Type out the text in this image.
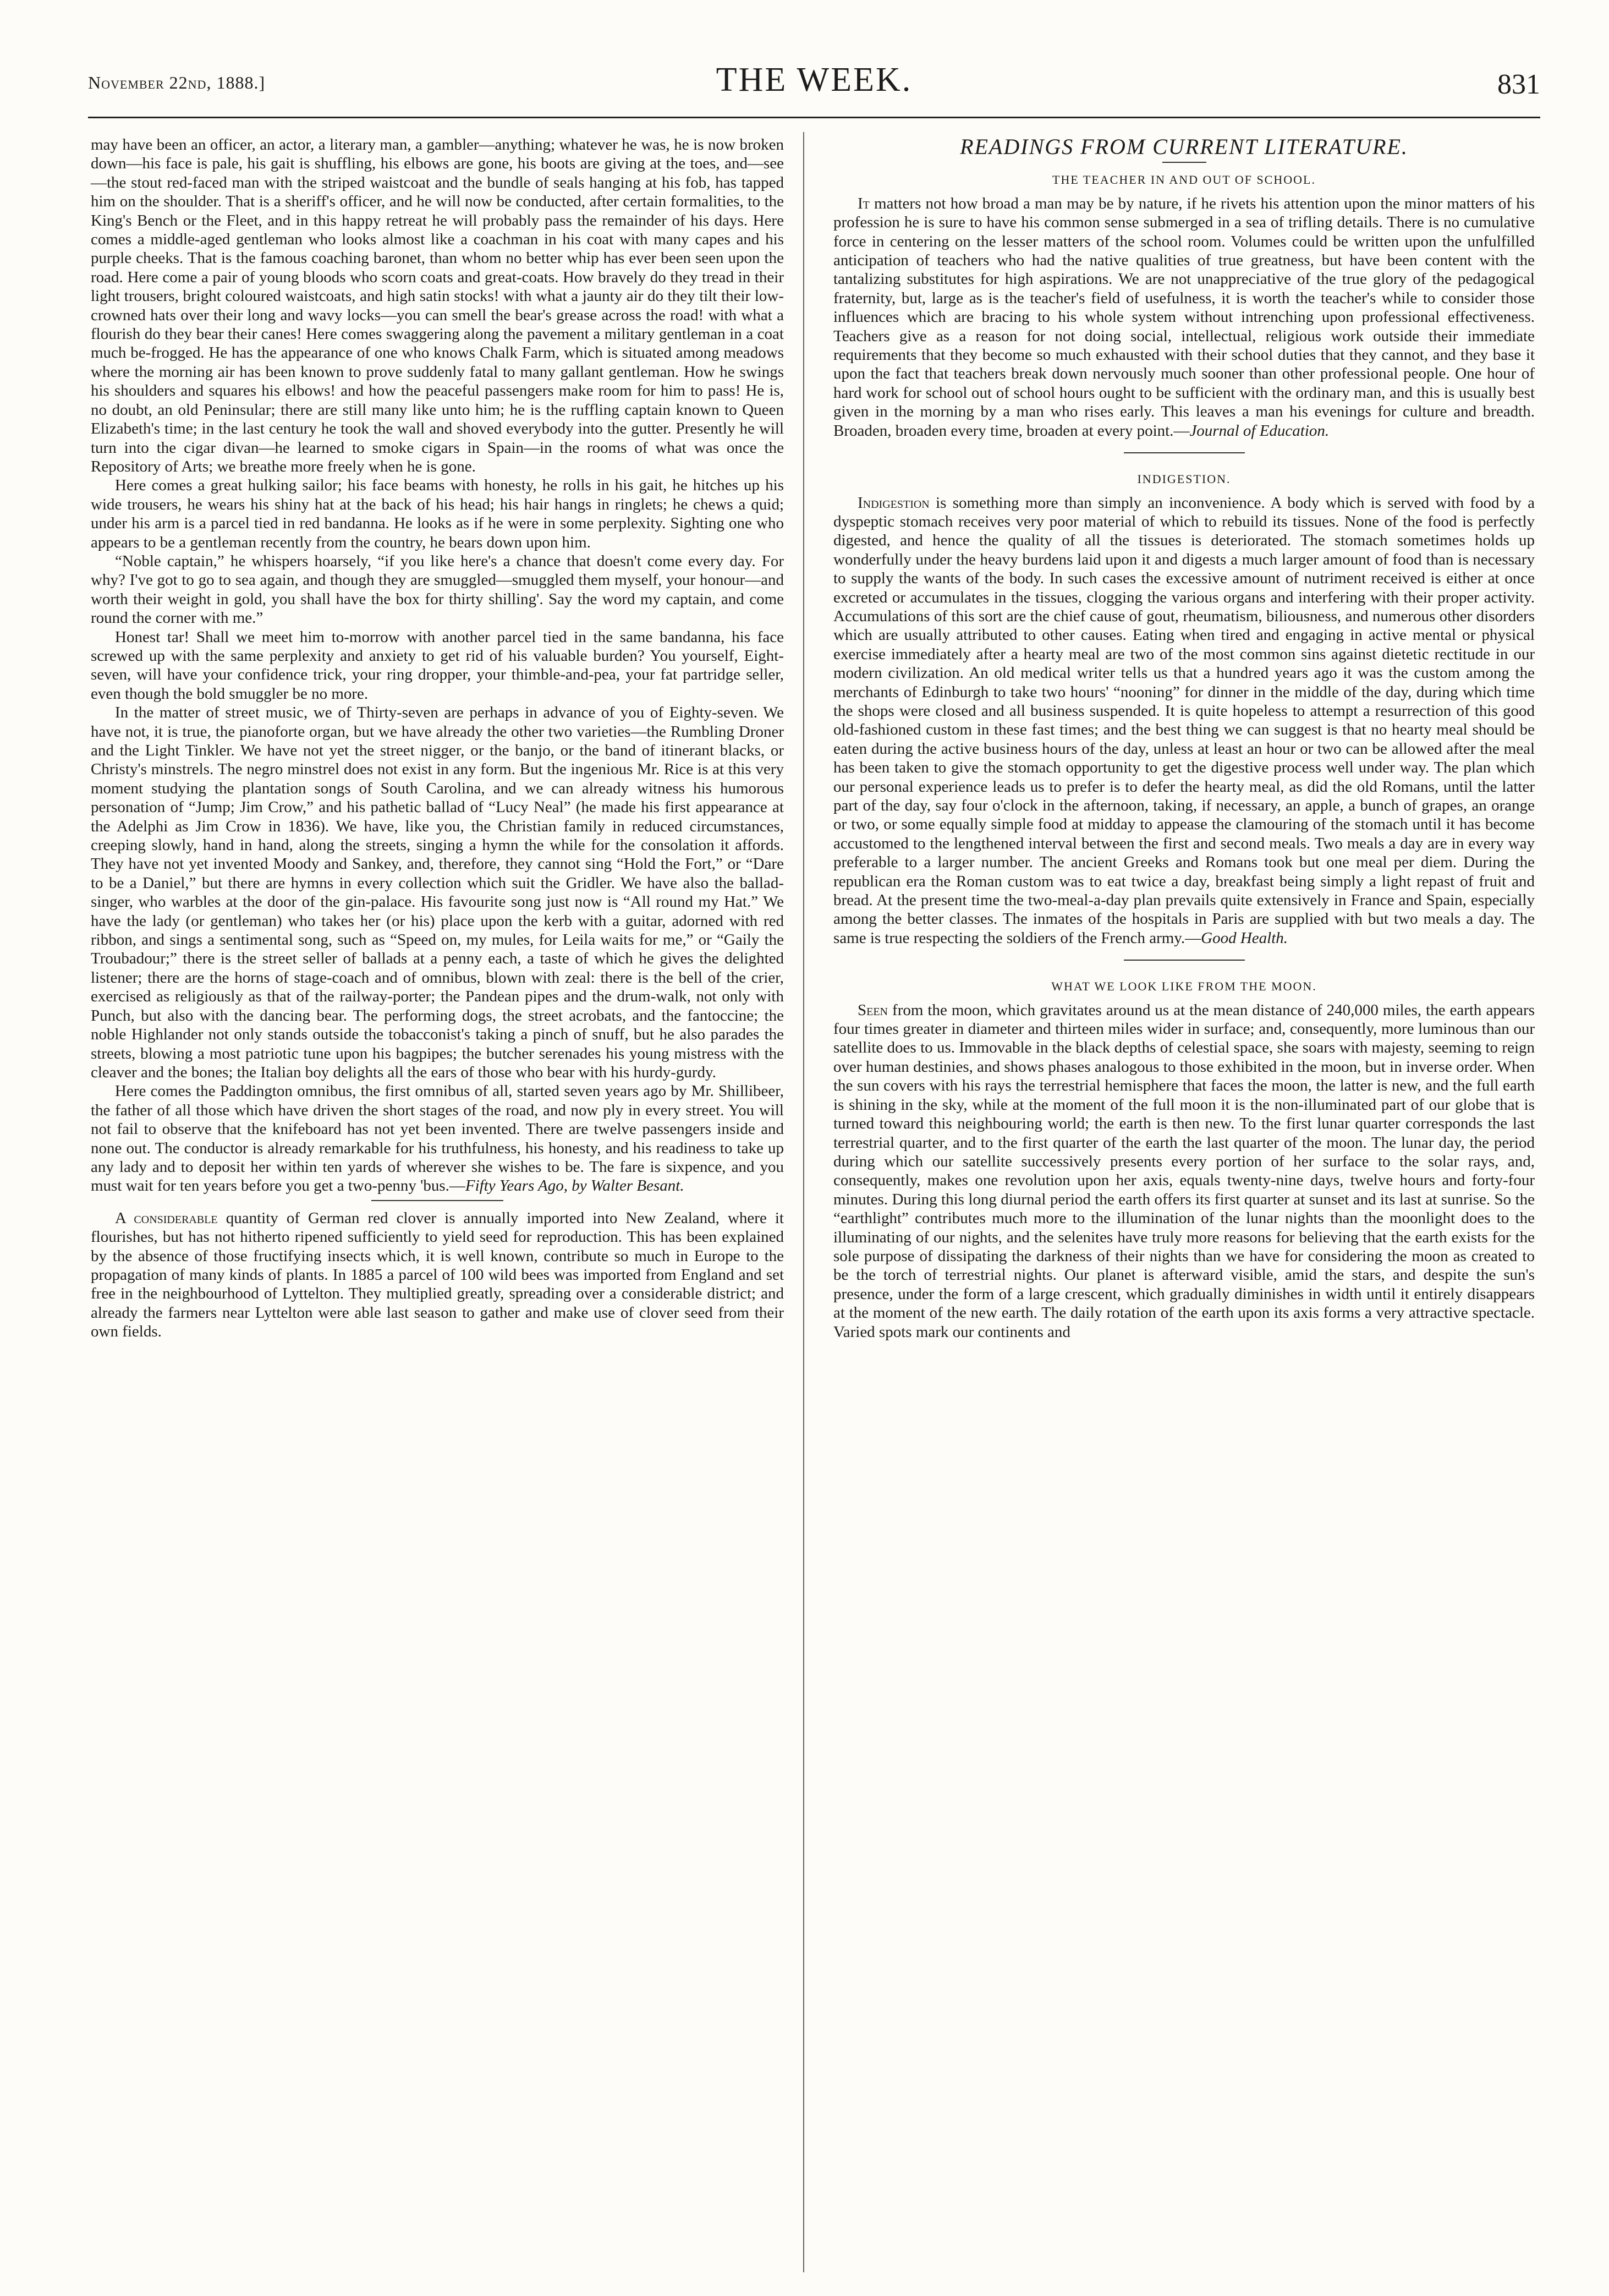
November 22nd, 1888.]	THE WEEK.	831

may have been an officer, an actor, a literary man, a gambler—anything; whatever he was, he is now broken down—his face is pale, his gait is shuffling, his elbows are gone, his boots are giving at the toes, and—see—the stout red-faced man with the striped waistcoat and the bundle of seals hanging at his fob, has tapped him on the shoulder. That is a sheriff's officer, and he will now be conducted, after certain formalities, to the King's Bench or the Fleet, and in this happy retreat he will probably pass the remainder of his days. Here comes a middle-aged gentleman who looks almost like a coachman in his coat with many capes and his purple cheeks. That is the famous coaching baronet, than whom no better whip has ever been seen upon the road. Here come a pair of young bloods who scorn coats and great-coats. How bravely do they tread in their light trousers, bright coloured waistcoats, and high satin stocks! with what a jaunty air do they tilt their low-crowned hats over their long and wavy locks—you can smell the bear's grease across the road! with what a flourish do they bear their canes! Here comes swaggering along the pavement a military gentleman in a coat much be-frogged. He has the appearance of one who knows Chalk Farm, which is situated among meadows where the morning air has been known to prove suddenly fatal to many gallant gentleman. How he swings his shoulders and squares his elbows! and how the peaceful passengers make room for him to pass! He is, no doubt, an old Peninsular; there are still many like unto him; he is the ruffling captain known to Queen Elizabeth's time; in the last century he took the wall and shoved everybody into the gutter. Presently he will turn into the cigar divan—he learned to smoke cigars in Spain—in the rooms of what was once the Repository of Arts; we breathe more freely when he is gone.

Here comes a great hulking sailor; his face beams with honesty, he rolls in his gait, he hitches up his wide trousers, he wears his shiny hat at the back of his head; his hair hangs in ringlets; he chews a quid; under his arm is a parcel tied in red bandanna. He looks as if he were in some perplexity. Sighting one who appears to be a gentleman recently from the country, he bears down upon him.

“Noble captain,” he whispers hoarsely, “if you like here's a chance that doesn't come every day. For why? I've got to go to sea again, and though they are smuggled—smuggled them myself, your honour—and worth their weight in gold, you shall have the box for thirty shilling'. Say the word my captain, and come round the corner with me.”

Honest tar! Shall we meet him to-morrow with another parcel tied in the same bandanna, his face screwed up with the same perplexity and anxiety to get rid of his valuable burden? You yourself, Eight-seven, will have your confidence trick, your ring dropper, your thimble-and-pea, your fat partridge seller, even though the bold smuggler be no more.

In the matter of street music, we of Thirty-seven are perhaps in advance of you of Eighty-seven. We have not, it is true, the pianoforte organ, but we have already the other two varieties—the Rumbling Droner and the Light Tinkler. We have not yet the street nigger, or the banjo, or the band of itinerant blacks, or Christy's minstrels. The negro minstrel does not exist in any form. But the ingenious Mr. Rice is at this very moment studying the plantation songs of South Carolina, and we can already witness his humorous personation of “Jump; Jim Crow,” and his pathetic ballad of “Lucy Neal” (he made his first appearance at the Adelphi as Jim Crow in 1836). We have, like you, the Christian family in reduced circumstances, creeping slowly, hand in hand, along the streets, singing a hymn the while for the consolation it affords. They have not yet invented Moody and Sankey, and, therefore, they cannot sing “Hold the Fort,” or “Dare to be a Daniel,” but there are hymns in every collection which suit the Gridler. We have also the ballad-singer, who warbles at the door of the gin-palace. His favourite song just now is “All round my Hat.” We have the lady (or gentleman) who takes her (or his) place upon the kerb with a guitar, adorned with red ribbon, and sings a sentimental song, such as “Speed on, my mules, for Leila waits for me,” or “Gaily the Troubadour;” there is the street seller of ballads at a penny each, a taste of which he gives the delighted listener; there are the horns of stage-coach and of omnibus, blown with zeal: there is the bell of the crier, exercised as religiously as that of the railway-porter; the Pandean pipes and the drum-walk, not only with Punch, but also with the dancing bear. The performing dogs, the street acrobats, and the fantoccine; the noble Highlander not only stands outside the tobacconist's taking a pinch of snuff, but he also parades the streets, blowing a most patriotic tune upon his bagpipes; the butcher serenades his young mistress with the cleaver and the bones; the Italian boy delights all the ears of those who bear with his hurdy-gurdy.

Here comes the Paddington omnibus, the first omnibus of all, started seven years ago by Mr. Shillibeer, the father of all those which have driven the short stages of the road, and now ply in every street. You will not fail to observe that the knifeboard has not yet been invented. There are twelve passengers inside and none out. The conductor is already remarkable for his truthfulness, his honesty, and his readiness to take up any lady and to deposit her within ten yards of wherever she wishes to be. The fare is sixpence, and you must wait for ten years before you get a two-penny 'bus.—Fifty Years Ago, by Walter Besant.

A considerable quantity of German red clover is annually imported into New Zealand, where it flourishes, but has not hitherto ripened sufficiently to yield seed for reproduction. This has been explained by the absence of those fructifying insects which, it is well known, contribute so much in Europe to the propagation of many kinds of plants. In 1885 a parcel of 100 wild bees was imported from England and set free in the neighbourhood of Lyttelton. They multiplied greatly, spreading over a considerable district; and already the farmers near Lyttelton were able last season to gather and make use of clover seed from their own fields.

READINGS FROM CURRENT LITERATURE.
THE TEACHER IN AND OUT OF SCHOOL.

It matters not how broad a man may be by nature, if he rivets his attention upon the minor matters of his profession he is sure to have his common sense submerged in a sea of trifling details. There is no cumulative force in centering on the lesser matters of the school room. Volumes could be written upon the unfulfilled anticipation of teachers who had the native qualities of true greatness, but have been content with the tantalizing substitutes for high aspirations. We are not unappreciative of the true glory of the pedagogical fraternity, but, large as is the teacher's field of usefulness, it is worth the teacher's while to consider those influences which are bracing to his whole system without intrenching upon professional effectiveness. Teachers give as a reason for not doing social, intellectual, religious work outside their immediate requirements that they become so much exhausted with their school duties that they cannot, and they base it upon the fact that teachers break down nervously much sooner than other professional people. One hour of hard work for school out of school hours ought to be sufficient with the ordinary man, and this is usually best given in the morning by a man who rises early. This leaves a man his evenings for culture and breadth. Broaden, broaden every time, broaden at every point.—Journal of Education.

INDIGESTION.

Indigestion is something more than simply an inconvenience. A body which is served with food by a dyspeptic stomach receives very poor material of which to rebuild its tissues. None of the food is perfectly digested, and hence the quality of all the tissues is deteriorated. The stomach sometimes holds up wonderfully under the heavy burdens laid upon it and digests a much larger amount of food than is necessary to supply the wants of the body. In such cases the excessive amount of nutriment received is either at once excreted or accumulates in the tissues, clogging the various organs and interfering with their proper activity. Accumulations of this sort are the chief cause of gout, rheumatism, biliousness, and numerous other disorders which are usually attributed to other causes. Eating when tired and engaging in active mental or physical exercise immediately after a hearty meal are two of the most common sins against dietetic rectitude in our modern civilization. An old medical writer tells us that a hundred years ago it was the custom among the merchants of Edinburgh to take two hours' “nooning” for dinner in the middle of the day, during which time the shops were closed and all business suspended. It is quite hopeless to attempt a resurrection of this good old-fashioned custom in these fast times; and the best thing we can suggest is that no hearty meal should be eaten during the active business hours of the day, unless at least an hour or two can be allowed after the meal has been taken to give the stomach opportunity to get the digestive process well under way. The plan which our personal experience leads us to prefer is to defer the hearty meal, as did the old Romans, until the latter part of the day, say four o'clock in the afternoon, taking, if necessary, an apple, a bunch of grapes, an orange or two, or some equally simple food at midday to appease the clamouring of the stomach until it has become accustomed to the lengthened interval between the first and second meals. Two meals a day are in every way preferable to a larger number. The ancient Greeks and Romans took but one meal per diem. During the republican era the Roman custom was to eat twice a day, breakfast being simply a light repast of fruit and bread. At the present time the two-meal-a-day plan prevails quite extensively in France and Spain, especially among the better classes. The inmates of the hospitals in Paris are supplied with but two meals a day. The same is true respecting the soldiers of the French army.—Good Health.

WHAT WE LOOK LIKE FROM THE MOON.

Seen from the moon, which gravitates around us at the mean distance of 240,000 miles, the earth appears four times greater in diameter and thirteen miles wider in surface; and, consequently, more luminous than our satellite does to us. Immovable in the black depths of celestial space, she soars with majesty, seeming to reign over human destinies, and shows phases analogous to those exhibited in the moon, but in inverse order. When the sun covers with his rays the terrestrial hemisphere that faces the moon, the latter is new, and the full earth is shining in the sky, while at the moment of the full moon it is the non-illuminated part of our globe that is turned toward this neighbouring world; the earth is then new. To the first lunar quarter corresponds the last terrestrial quarter, and to the first quarter of the earth the last quarter of the moon. The lunar day, the period during which our satellite successively presents every portion of her surface to the solar rays, and, consequently, makes one revolution upon her axis, equals twenty-nine days, twelve hours and forty-four minutes. During this long diurnal period the earth offers its first quarter at sunset and its last at sunrise. So the “earthlight” contributes much more to the illumination of the lunar nights than the moonlight does to the illuminating of our nights, and the selenites have truly more reasons for believing that the earth exists for the sole purpose of dissipating the darkness of their nights than we have for considering the moon as created to be the torch of terrestrial nights. Our planet is afterward visible, amid the stars, and despite the sun's presence, under the form of a large crescent, which gradually diminishes in width until it entirely disappears at the moment of the new earth. The daily rotation of the earth upon its axis forms a very attractive spectacle. Varied spots mark our continents and
